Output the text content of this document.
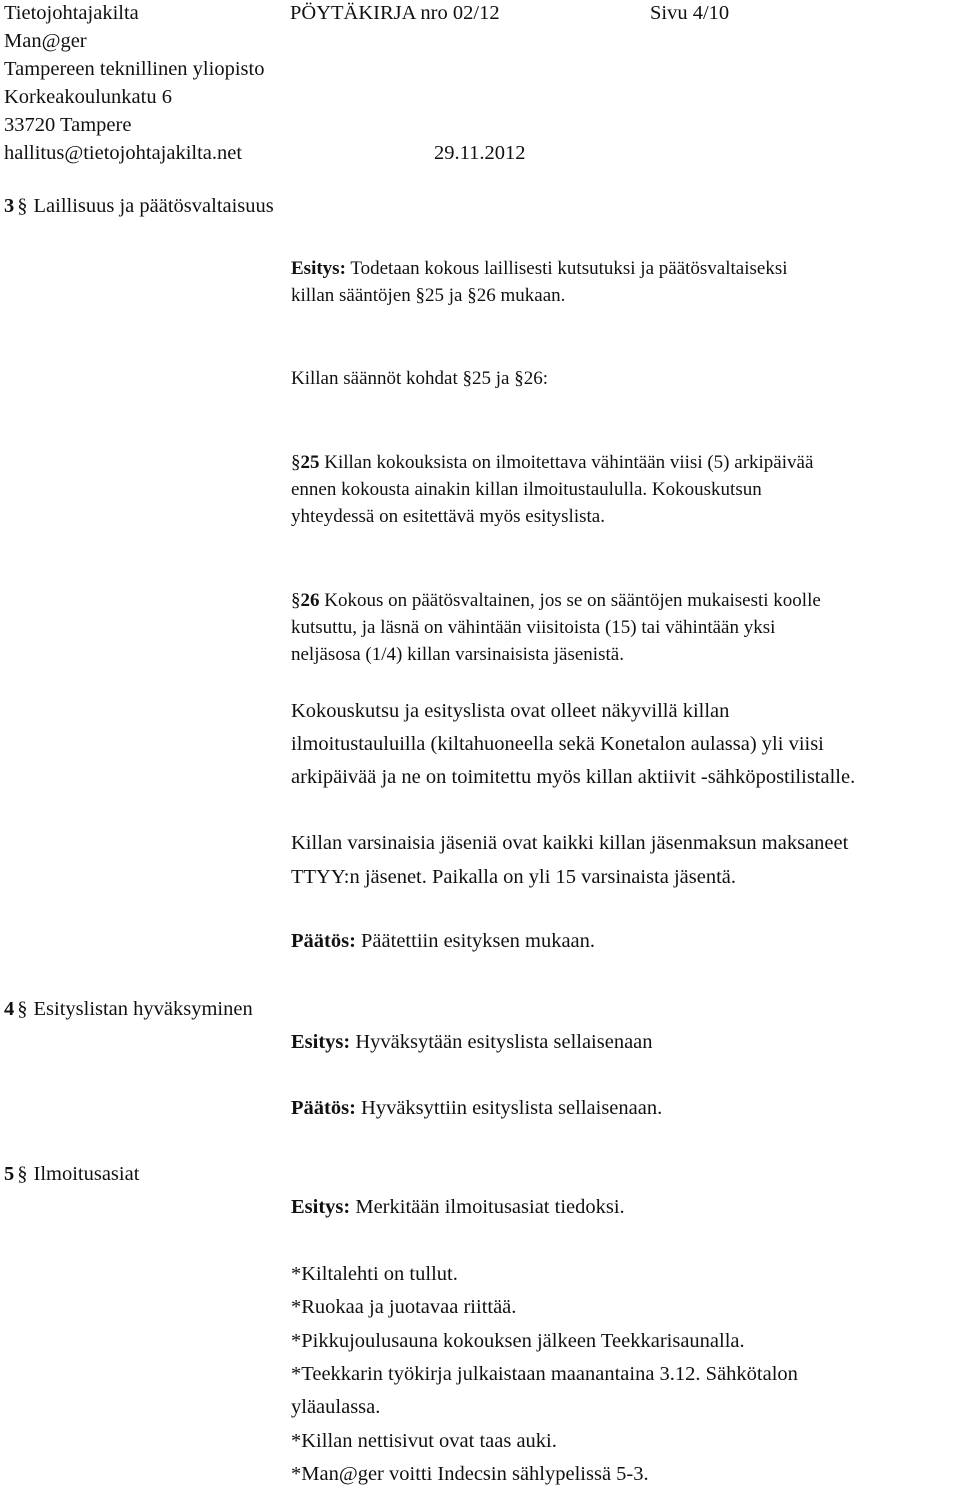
Tietojohtajakilta	PÖYTÄKIRJA nro 02/12	Sivu 4/10
Man@ger
Tampereen teknillinen yliopisto
Korkeakoulunkatu 6
33720 Tampere
hallitus@tietojohtajakilta.net	29.11.2012
3 § Laillisuus ja päätösvaltaisuus
Esitys: Todetaan kokous laillisesti kutsutuksi ja päätösvaltaiseksi
killan sääntöjen §25 ja §26 mukaan.
Killan säännöt kohdat §25 ja §26:
§25 Killan kokouksista on ilmoitettava vähintään viisi (5) arkipäivää
ennen kokousta ainakin killan ilmoitustaululla. Kokouskutsun
yhteydessä on esitettävä myös esityslista.
§26 Kokous on päätösvaltainen, jos se on sääntöjen mukaisesti koolle
kutsuttu, ja läsnä on vähintään viisitoista (15) tai vähintään yksi
neljäsosa (1/4) killan varsinaisista jäsenistä.
Kokouskutsu ja esityslista ovat olleet näkyvillä killan
ilmoitustauluilla (kiltahuoneella sekä Konetalon aulassa) yli viisi
arkipäivää ja ne on toimitettu myös killan aktiivit -sähköpostilistalle.
Killan varsinaisia jäseniä ovat kaikki killan jäsenmaksun maksaneet
TTYY:n jäsenet. Paikalla on yli 15 varsinaista jäsentä.
Päätös: Päätettiin esityksen mukaan.
4 § Esityslistan hyväksyminen
Esitys: Hyväksytään esityslista sellaisenaan
Päätös: Hyväksyttiin esityslista sellaisenaan.
5 § Ilmoitusasiat
Esitys: Merkitään ilmoitusasiat tiedoksi.
*Kiltalehti on tullut.
*Ruokaa ja juotavaa riittää.
*Pikkujoulusauna kokouksen jälkeen Teekkarisaunalla.
*Teekkarin työkirja julkaistaan maanantaina 3.12. Sähkötalon
yläaulassa.
*Killan nettisivut ovat taas auki.
*Man@ger voitti Indecsin sählypelissä 5-3.
